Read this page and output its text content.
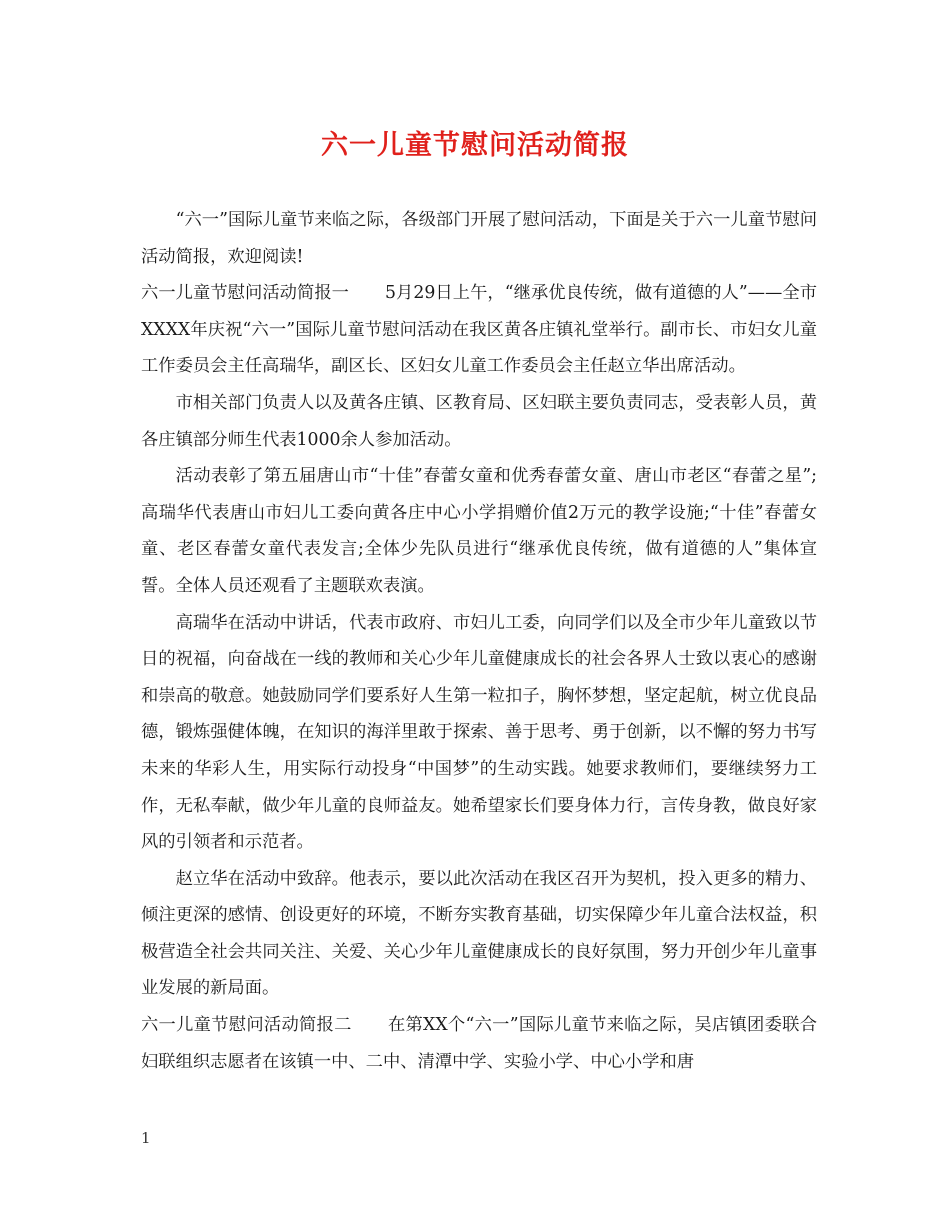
六一儿童节慰问活动简报

“六一”国际儿童节来临之际，各级部门开展了慰问活动，下面是关于六一儿童节慰问活动简报，欢迎阅读!

六一儿童节慰问活动简报一 5月29日上午，“继承优良传统，做有道德的人”——全市XXXX年庆祝“六一”国际儿童节慰问活动在我区黄各庄镇礼堂举行。副市长、市妇女儿童工作委员会主任高瑞华，副区长、区妇女儿童工作委员会主任赵立华出席活动。

市相关部门负责人以及黄各庄镇、区教育局、区妇联主要负责同志，受表彰人员，黄各庄镇部分师生代表1000余人参加活动。

活动表彰了第五届唐山市“十佳”春蕾女童和优秀春蕾女童、唐山市老区“春蕾之星”;高瑞华代表唐山市妇儿工委向黄各庄中心小学捐赠价值2万元的教学设施;“十佳”春蕾女童、老区春蕾女童代表发言;全体少先队员进行“继承优良传统，做有道德的人”集体宣誓。全体人员还观看了主题联欢表演。

高瑞华在活动中讲话，代表市政府、市妇儿工委，向同学们以及全市少年儿童致以节日的祝福，向奋战在一线的教师和关心少年儿童健康成长的社会各界人士致以衷心的感谢和崇高的敬意。她鼓励同学们要系好人生第一粒扣子，胸怀梦想，坚定起航，树立优良品德，锻炼强健体魄，在知识的海洋里敢于探索、善于思考、勇于创新，以不懈的努力书写未来的华彩人生，用实际行动投身“中国梦”的生动实践。她要求教师们，要继续努力工作，无私奉献，做少年儿童的良师益友。她希望家长们要身体力行，言传身教，做良好家风的引领者和示范者。

赵立华在活动中致辞。他表示，要以此次活动在我区召开为契机，投入更多的精力、倾注更深的感情、创设更好的环境，不断夯实教育基础，切实保障少年儿童合法权益，积极营造全社会共同关注、关爱、关心少年儿童健康成长的良好氛围，努力开创少年儿童事业发展的新局面。

六一儿童节慰问活动简报二 在第XX个“六一”国际儿童节来临之际，吴店镇团委联合妇联组织志愿者在该镇一中、二中、清潭中学、实验小学、中心小学和唐

1
